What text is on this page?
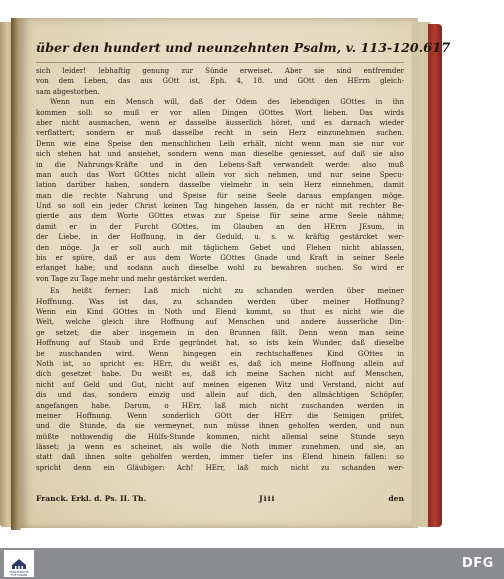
über den hundert und neunzehnten Psalm, v. 113-120. 617
sich leider! lebhaftig genung zur Sünde erweiset. Aber sie sind entfremder
von dem Leben, das aus GOtt ist, Eph. 4, 18. und GOtt den HErrn gleich-
sam abgestorben.
Wenn nun ein Mensch will, daß der Odem des lebendigen GOttes in ihn
kommen soll: so muß er vor allen Dingen GOttes Wort lieben. Das wirds
aber nicht ausmachen, wenn er dasselbe äusserlich höret, und es darnach wieder
verflattert; sondern er muß dasselbe recht in sein Herz einzunehmen suchen.
Denn wie eine Speise den menschlichen Leib erhält, nicht wenn man sie nur vor
sich stehen hat und ansiehet, sondern wenn man dieselbe geniesset, auf daß sie also
in die Nahrungs-Kräfte und in den Lebens-Saft verwandelt werde: also muß
man auch das Wort GOttes nicht allein vor sich nehmen, und nur seine Specu-
lation darüber haben, sondern dasselbe vielmehr in sein Herz einnehmen, damit
man die rechte Nahrung und Speise für seine Seele daraus empfangen möge.
Und so soll ein jeder Christ keinen Tag hingehen lassen, da er nicht mit rechter Be-
gierde aus dem Worte GOttes etwas zur Speise für seine arme Seele nähme;
damit er in der Furcht GOttes, im Glauben an den HErrn JEsum, in
der Liebe, in der Hoffnung, in der Geduld, u. s. w. kräftig gestärcket wer-
den möge. Ja er soll auch mit täglichem Gebet und Flehen nicht ablassen,
bis er spüre, daß er aus dem Worte GOttes Gnade und Kraft in seiner Seele
erlanget habe; und sodann auch dieselbe wohl zu bewahren suchen. So wird er
von Tage zu Tage mehr und mehr gestärcket werden.
Es heißt ferner: Laß mich nicht zu schanden werden über meiner
Hoffnung. Was ist das, zu schanden werden über meiner Hoffnung?
Wenn ein Kind GOttes in Noth und Elend kommt, so thut es nicht wie die
Welt, welche gleich ihre Hoffnung auf Menschen und andere äusserliche Din-
ge setzet; die aber insgemein in den Brunnen fällt. Denn wenn man seine
Hoffnung auf Staub und Erde gegründet hat, so ists kein Wunder, daß dieselbe
be zuschanden wird. Wenn hingegen ein rechtschaffenes Kind GOttes in
Noth ist, so spricht es: HErr, du weißt es, daß ich meine Hoffnung allein auf
dich gesetzet habe. Du weißt es, daß ich meine Sachen nicht auf Menschen,
nicht auf Geld und Gut, nicht auf meinen eigenen Witz und Verstand, nicht auf
dis und das, sondern einzig und allein auf dich, den allmächtigen Schöpfer,
angefangen habe. Darum, o HErr, laß mich nicht zuschanden werden in
meiner Hoffnung. Wenn sonderlich GOtt der HErr die Seinigen prüfet,
und die Stunde, da sie vermeynet, nun müsse ihnen geholfen werden, und nun
müßte nothwendig die Hülfs-Stunde kommen, nicht allemal seine Stunde seyn
lässet; ja wenn es scheinet, als wolle die Noth immer zunehmen, und sie, an
statt daß ihnen solte geholfen werden, immer tiefer ins Elend hinein fallen: so
spricht denn ein Gläubiger: Ach! HErr, laß mich nicht zu schanden wer-
Franck. Erkl. d. Ps. II. Th.	Jiii	den
FRANCKESCHE STIFTUNGEN
DFG
